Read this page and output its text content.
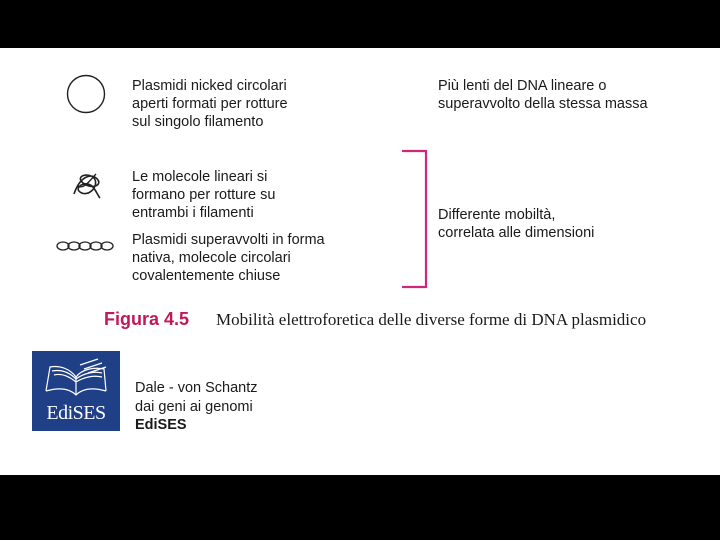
Plasmidi nicked circolari
aperti formati per rotture
sul singolo filamento
Le molecole lineari si
formano per rotture su
entrambi i filamenti
Plasmidi superavvolti in forma
nativa, molecole circolari
covalentemente chiuse
Più lenti del DNA lineare o
superavvolto della stessa massa
Differente mobiltà,
correlata alle dimensioni
Figura 4.5 Mobilità elettroforetica delle diverse forme di DNA plasmidico
EdiSES
Dale - von Schantz
dai geni ai genomi
EdiSES
